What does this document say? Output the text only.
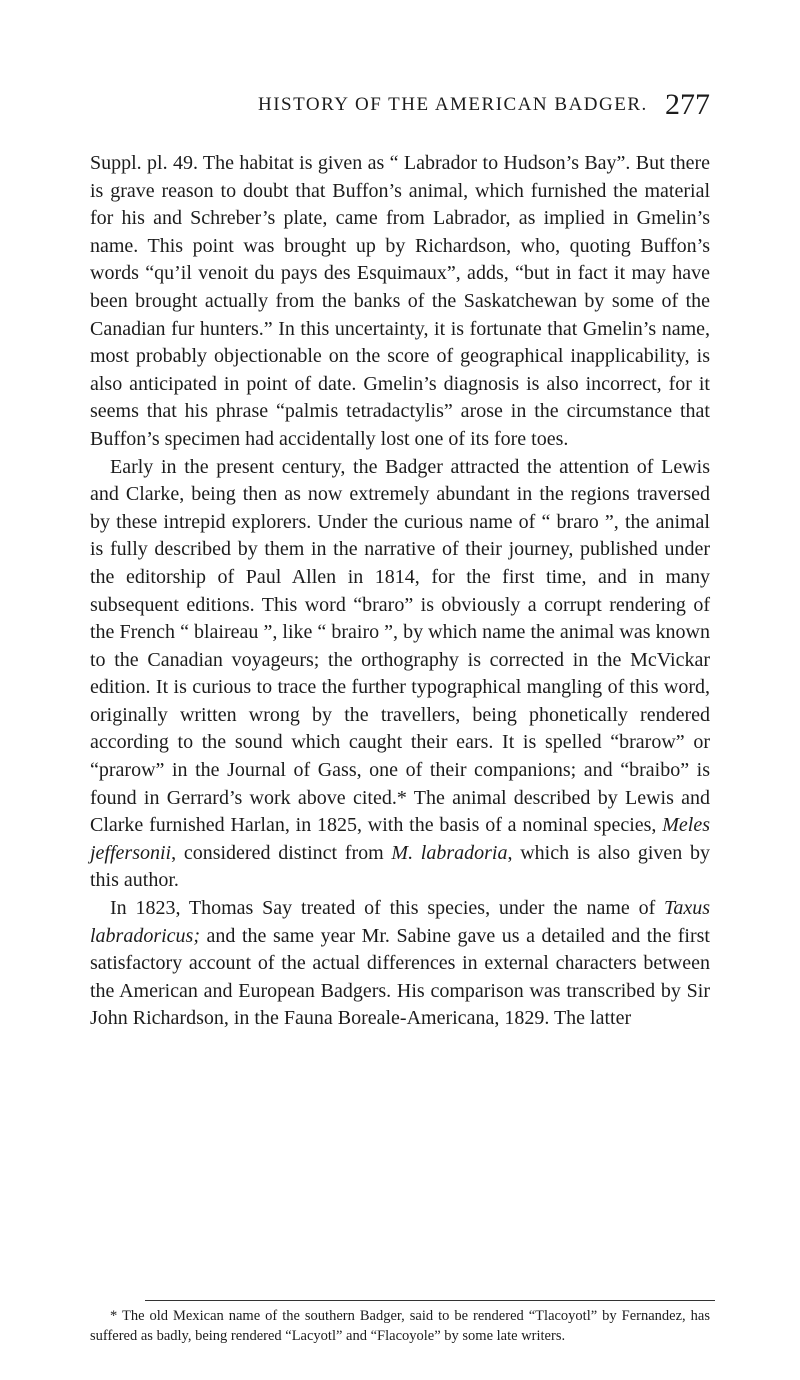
HISTORY OF THE AMERICAN BADGER. 277

Suppl. pl. 49. The habitat is given as “ Labrador to Hudson’s Bay”. But there is grave reason to doubt that Buffon’s animal, which furnished the material for his and Schreber’s plate, came from Labrador, as implied in Gmelin’s name. This point was brought up by Richardson, who, quoting Buffon’s words “qu’il venoit du pays des Esquimaux”, adds, “but in fact it may have been brought actually from the banks of the Saskatchewan by some of the Canadian fur hunters.” In this uncertainty, it is fortunate that Gmelin’s name, most probably objectionable on the score of geographical inapplicability, is also anticipated in point of date. Gmelin’s diagnosis is also incorrect, for it seems that his phrase “palmis tetradactylis” arose in the circumstance that Buffon’s specimen had accidentally lost one of its fore toes.

Early in the present century, the Badger attracted the attention of Lewis and Clarke, being then as now extremely abundant in the regions traversed by these intrepid explorers. Under the curious name of “ braro ”, the animal is fully described by them in the narrative of their journey, published under the editorship of Paul Allen in 1814, for the first time, and in many subsequent editions. This word “braro” is obviously a corrupt rendering of the French “ blaireau ”, like “ brairo ”, by which name the animal was known to the Canadian voyageurs; the orthography is corrected in the McVickar edition. It is curious to trace the further typographical mangling of this word, originally written wrong by the travellers, being phonetically rendered according to the sound which caught their ears. It is spelled “brarow” or “prarow” in the Journal of Gass, one of their companions; and “braibo” is found in Gerrard’s work above cited.* The animal described by Lewis and Clarke furnished Harlan, in 1825, with the basis of a nominal species, Meles jeffersonii, considered distinct from M. labradoria, which is also given by this author.

In 1823, Thomas Say treated of this species, under the name of Taxus labradoricus; and the same year Mr. Sabine gave us a detailed and the first satisfactory account of the actual differences in external characters between the American and European Badgers. His comparison was transcribed by Sir John Richardson, in the Fauna Boreale-Americana, 1829. The latter

* The old Mexican name of the southern Badger, said to be rendered “Tlacoyotl” by Fernandez, has suffered as badly, being rendered “Lacyotl” and “Flacoyole” by some late writers.
